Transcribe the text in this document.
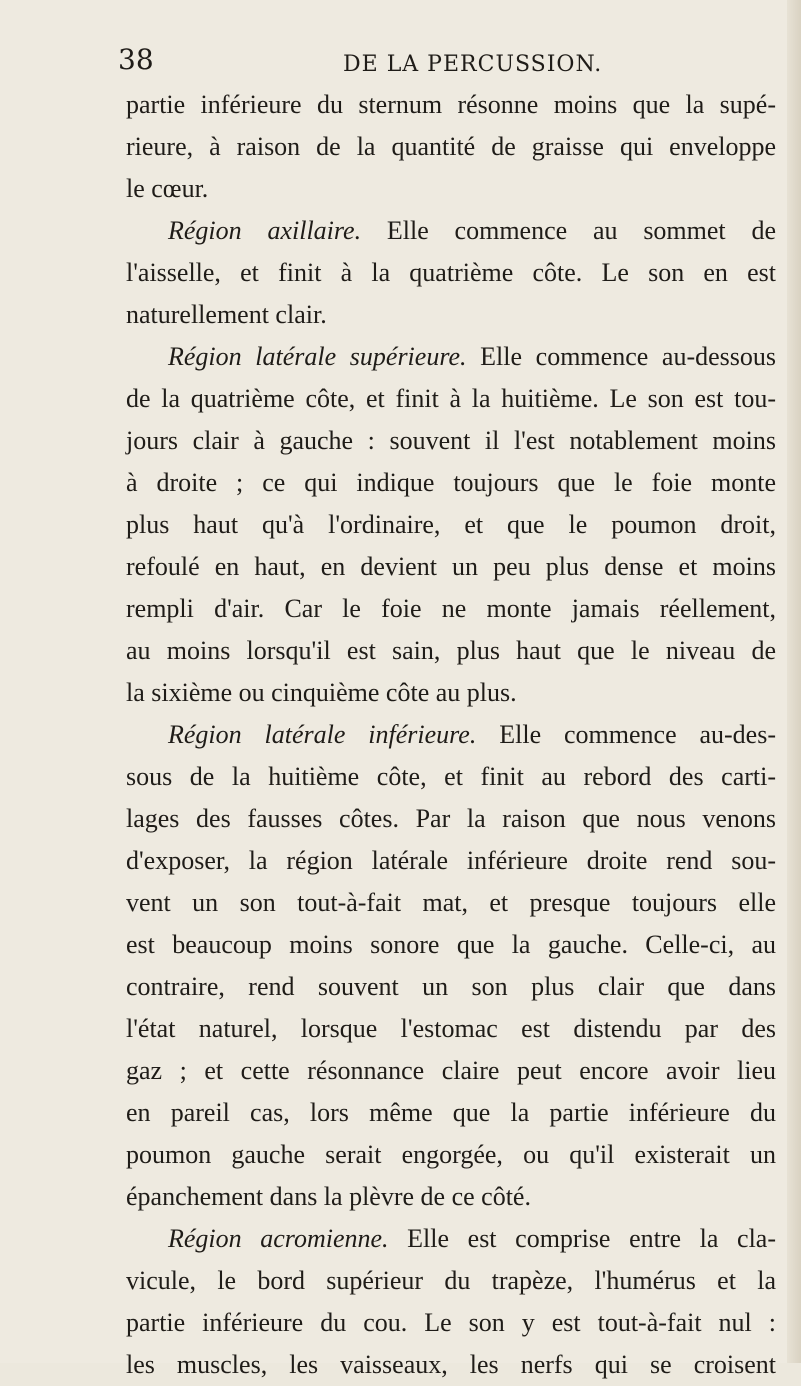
38	DE LA PERCUSSION.
partie inférieure du sternum résonne moins que la supé-
rieure, à raison de la quantité de graisse qui enveloppe
le cœur.
Région axillaire. Elle commence au sommet de
l'aisselle, et finit à la quatrième côte. Le son en est
naturellement clair.
Région latérale supérieure. Elle commence au-dessous
de la quatrième côte, et finit à la huitième. Le son est tou-
jours clair à gauche : souvent il l'est notablement moins
à droite ; ce qui indique toujours que le foie monte
plus haut qu'à l'ordinaire, et que le poumon droit,
refoulé en haut, en devient un peu plus dense et moins
rempli d'air. Car le foie ne monte jamais réellement,
au moins lorsqu'il est sain, plus haut que le niveau de
la sixième ou cinquième côte au plus.
Région latérale inférieure. Elle commence au-des-
sous de la huitième côte, et finit au rebord des carti-
lages des fausses côtes. Par la raison que nous venons
d'exposer, la région latérale inférieure droite rend sou-
vent un son tout-à-fait mat, et presque toujours elle
est beaucoup moins sonore que la gauche. Celle-ci, au
contraire, rend souvent un son plus clair que dans
l'état naturel, lorsque l'estomac est distendu par des
gaz ; et cette résonnance claire peut encore avoir lieu
en pareil cas, lors même que la partie inférieure du
poumon gauche serait engorgée, ou qu'il existerait un
épanchement dans la plèvre de ce côté.
Région acromienne. Elle est comprise entre la cla-
vicule, le bord supérieur du trapèze, l'humérus et la
partie inférieure du cou. Le son y est tout-à-fait nul :
les muscles, les vaisseaux, les nerfs qui se croisent
